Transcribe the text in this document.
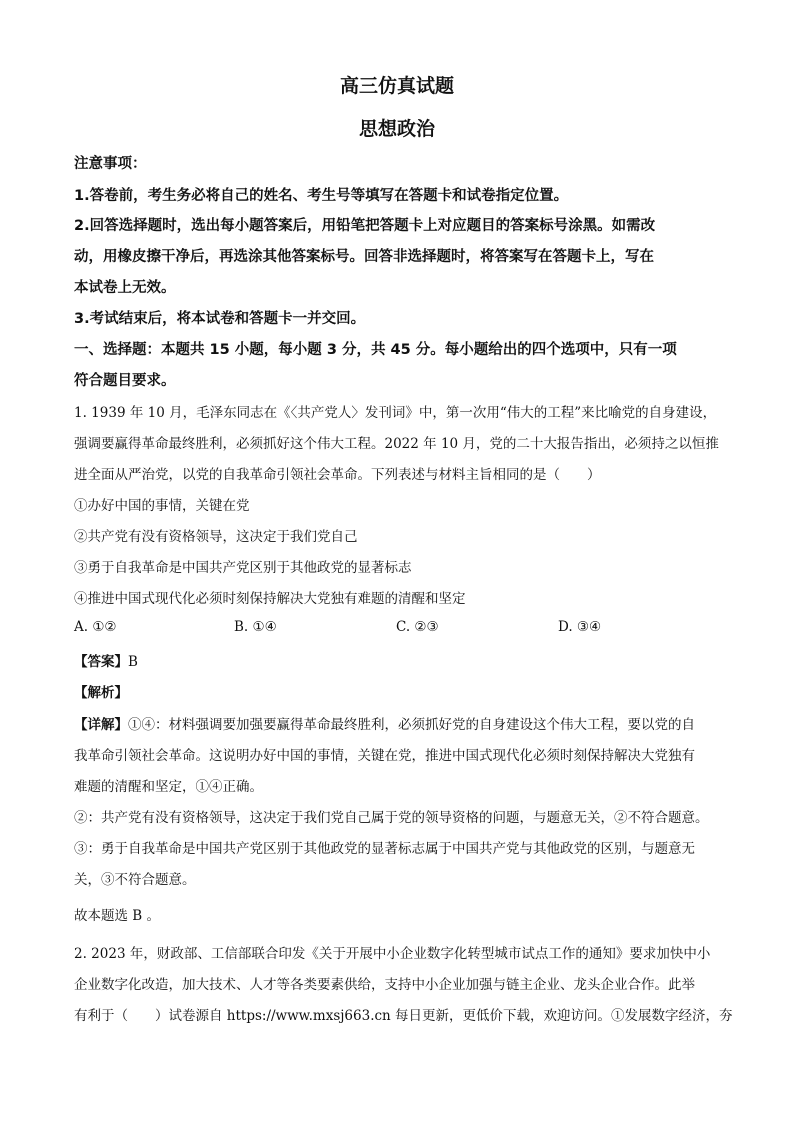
高三仿真试题
思想政治
注意事项：
1.答卷前，考生务必将自己的姓名、考生号等填写在答题卡和试卷指定位置。
2.回答选择题时，选出每小题答案后，用铅笔把答题卡上对应题目的答案标号涂黑。如需改
动，用橡皮擦干净后，再选涂其他答案标号。回答非选择题时，将答案写在答题卡上，写在
本试卷上无效。
3.考试结束后，将本试卷和答题卡一并交回。
一、选择题：本题共 15 小题，每小题 3 分，共 45 分。每小题给出的四个选项中，只有一项
符合题目要求。
1. 1939 年 10 月，毛泽东同志在《〈共产党人〉发刊词》中，第一次用“伟大的工程”来比喻党的自身建设，
强调要赢得革命最终胜利，必须抓好这个伟大工程。2022 年 10 月，党的二十大报告指出，必须持之以恒推
进全面从严治党，以党的自我革命引领社会革命。下列表述与材料主旨相同的是（　　）
①办好中国的事情，关键在党
②共产党有没有资格领导，这决定于我们党自己
③勇于自我革命是中国共产党区别于其他政党的显著标志
④推进中国式现代化必须时刻保持解决大党独有难题的清醒和坚定
A. ①②	B. ①④	C. ②③	D. ③④
【答案】B
【解析】
【详解】①④：材料强调要加强要赢得革命最终胜利，必须抓好党的自身建设这个伟大工程，要以党的自
我革命引领社会革命。这说明办好中国的事情，关键在党，推进中国式现代化必须时刻保持解决大党独有
难题的清醒和坚定，①④正确。
②：共产党有没有资格领导，这决定于我们党自己属于党的领导资格的问题，与题意无关，②不符合题意。
③：勇于自我革命是中国共产党区别于其他政党的显著标志属于中国共产党与其他政党的区别，与题意无
关，③不符合题意。
故本题选 B 。
2. 2023 年，财政部、工信部联合印发《关于开展中小企业数字化转型城市试点工作的通知》要求加快中小
企业数字化改造，加大技术、人才等各类要素供给，支持中小企业加强与链主企业、龙头企业合作。此举
有利于（　　）试卷源自 https://www.mxsj663.cn 每日更新，更低价下载，欢迎访问。①发展数字经济，夯
